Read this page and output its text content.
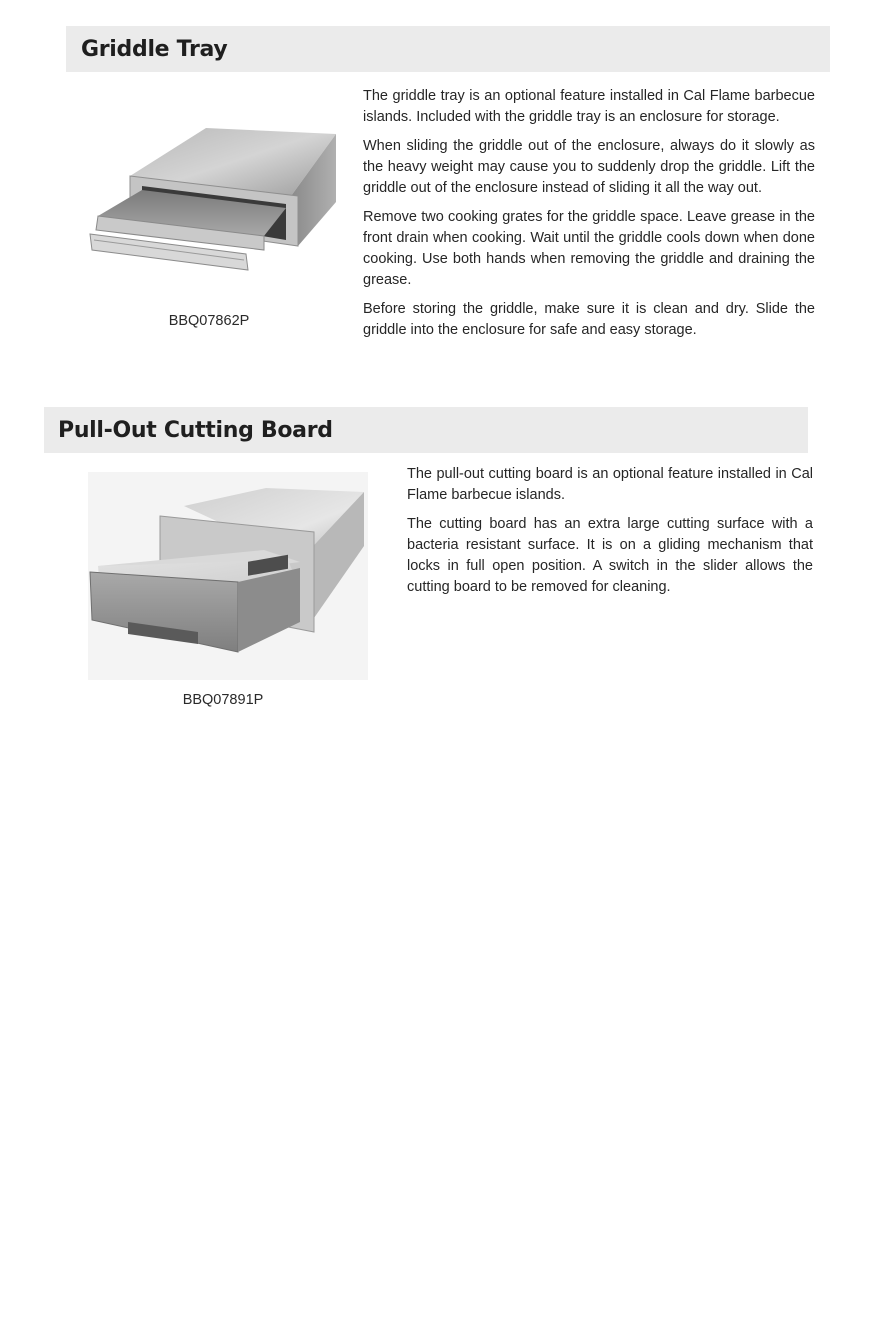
Griddle Tray
BBQ07862P

The griddle tray is an optional feature installed in Cal Flame barbecue islands. Included with the griddle tray is an enclosure for storage.

When sliding the griddle out of the enclosure, always do it slowly as the heavy weight may cause you to suddenly drop the griddle. Lift the griddle out of the enclosure instead of sliding it all the way out.

Remove two cooking grates for the griddle space. Leave grease in the front drain when cooking. Wait until the griddle cools down when done cooking. Use both hands when removing the griddle and draining the grease.

Before storing the griddle, make sure it is clean and dry. Slide the griddle into the enclosure for safe and easy storage.

Pull-Out Cutting Board
BBQ07891P

The pull-out cutting board is an optional feature installed in Cal Flame barbecue islands.

The cutting board has an extra large cutting surface with a bacteria resistant surface. It is on a gliding mechanism that locks in full open position. A switch in the slider allows the cutting board to be removed for cleaning.
